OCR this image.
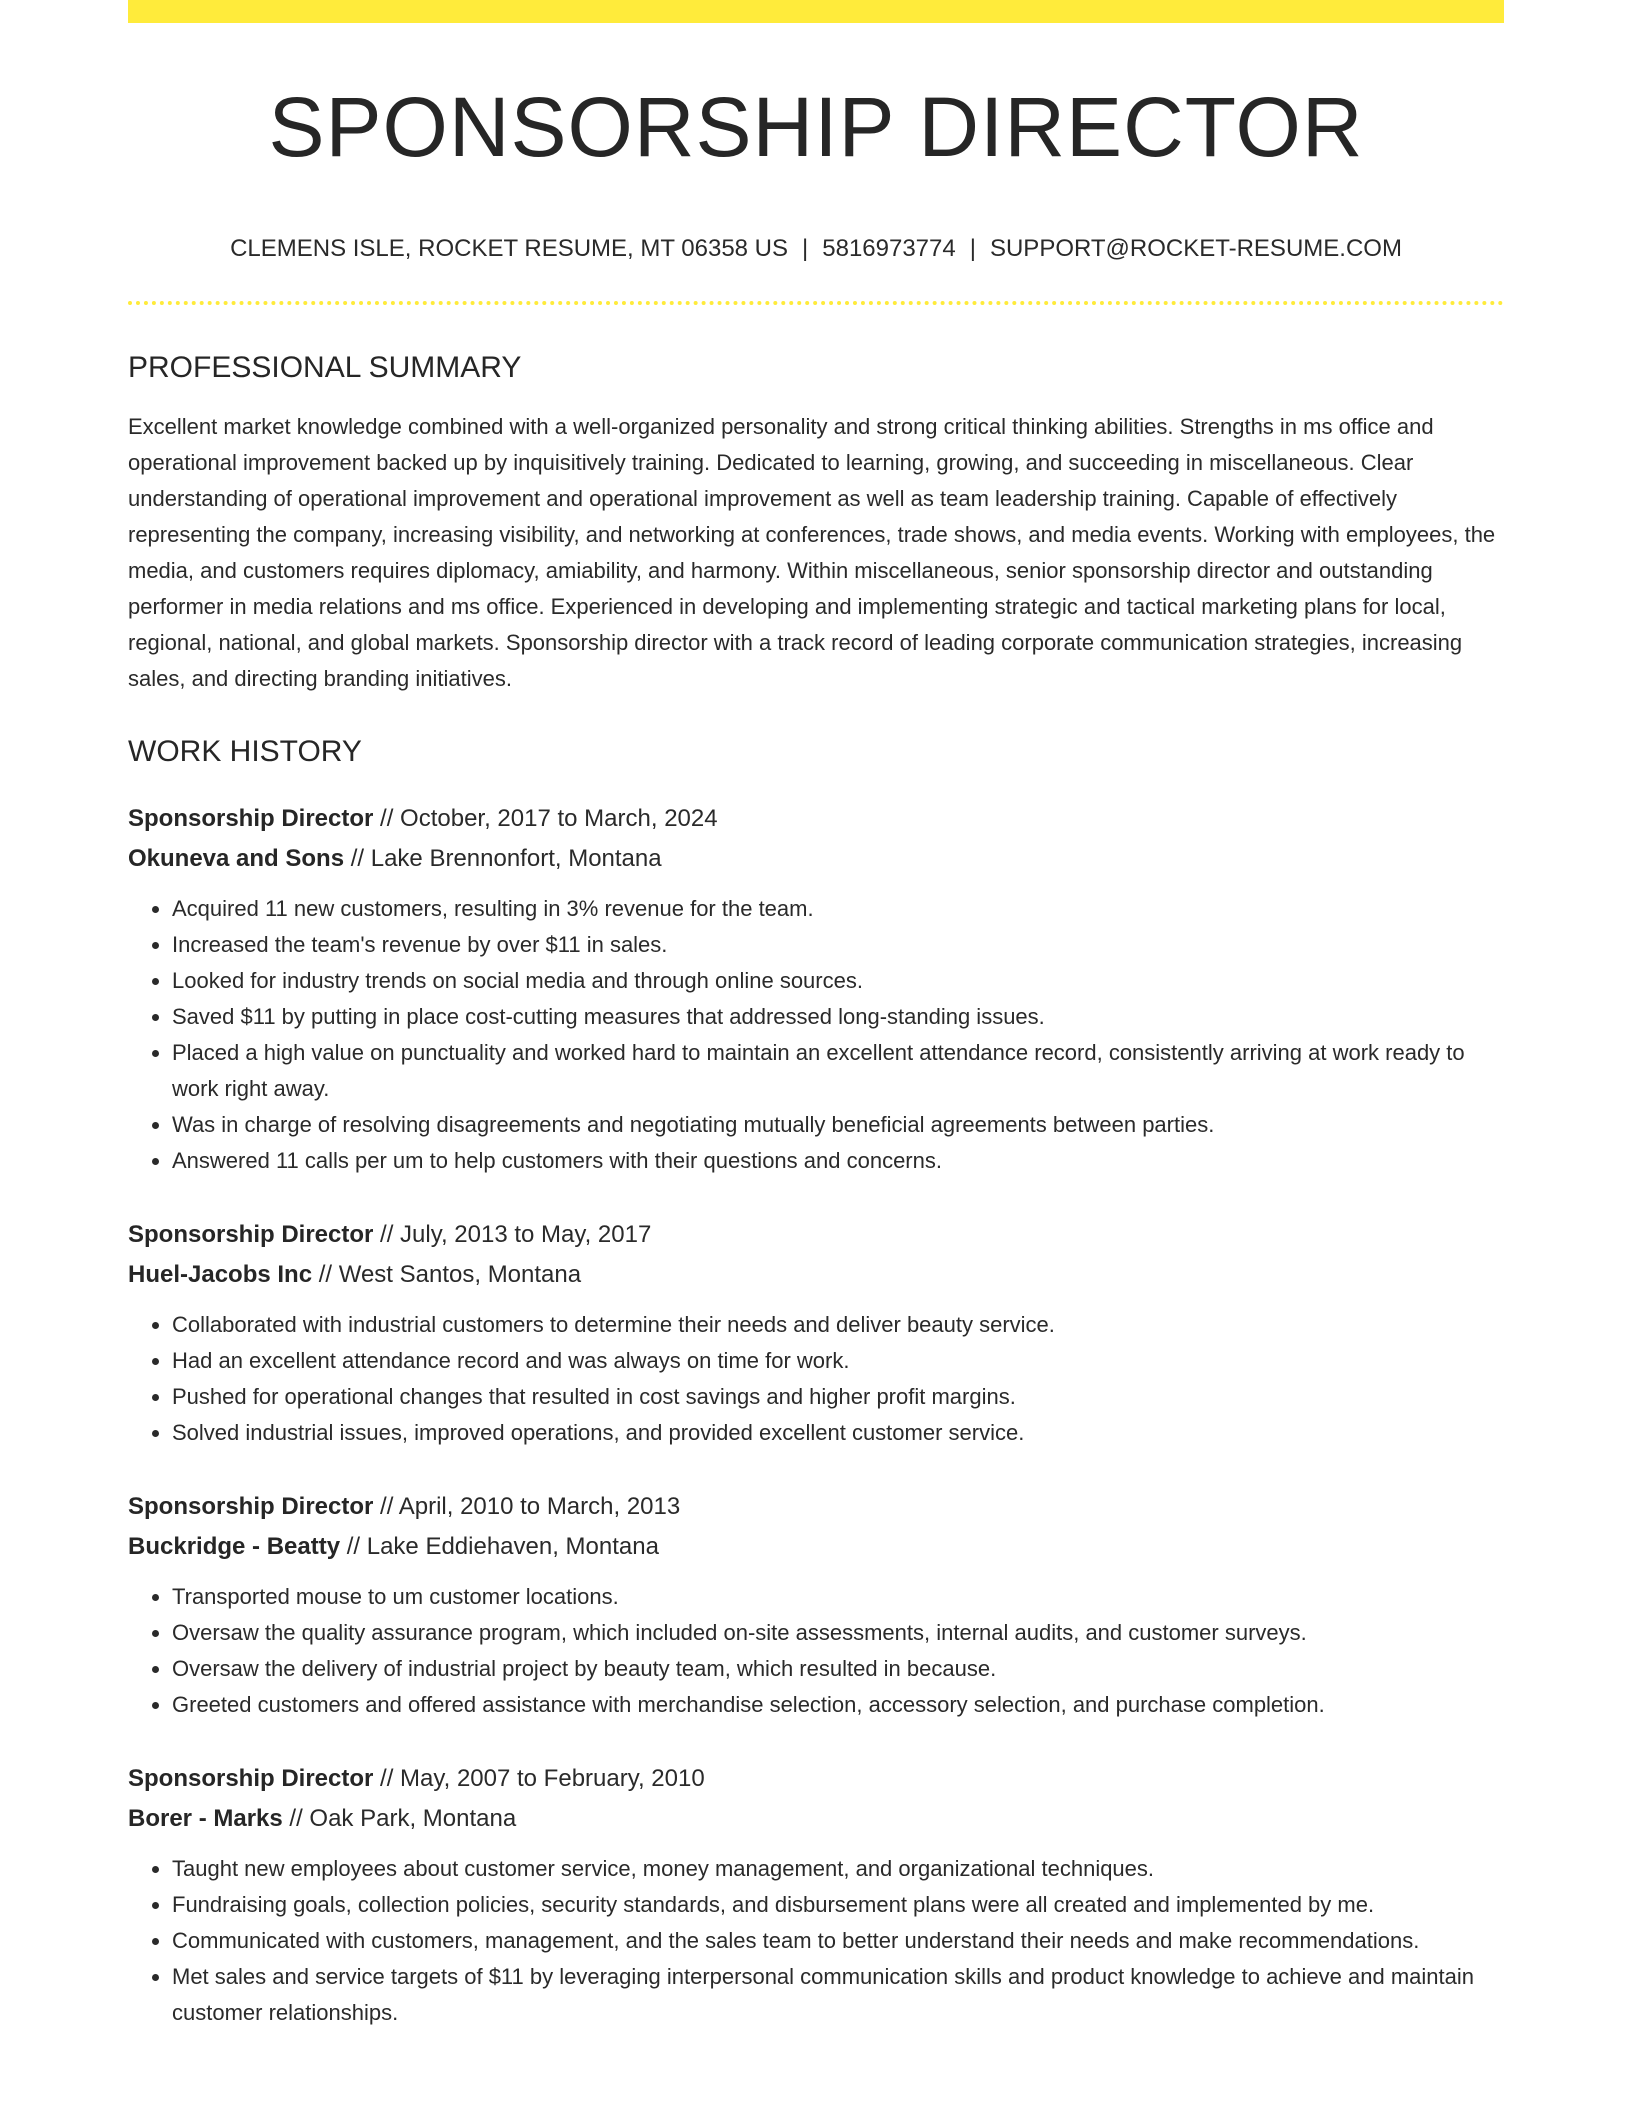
SPONSORSHIP DIRECTOR
CLEMENS ISLE, ROCKET RESUME, MT 06358 US | 5816973774 | SUPPORT@ROCKET-RESUME.COM
PROFESSIONAL SUMMARY

Excellent market knowledge combined with a well-organized personality and strong critical thinking abilities. Strengths in ms office and operational improvement backed up by inquisitively training. Dedicated to learning, growing, and succeeding in miscellaneous. Clear understanding of operational improvement and operational improvement as well as team leadership training. Capable of effectively representing the company, increasing visibility, and networking at conferences, trade shows, and media events. Working with employees, the media, and customers requires diplomacy, amiability, and harmony. Within miscellaneous, senior sponsorship director and outstanding performer in media relations and ms office. Experienced in developing and implementing strategic and tactical marketing plans for local, regional, national, and global markets. Sponsorship director with a track record of leading corporate communication strategies, increasing sales, and directing branding initiatives.

WORK HISTORY
Sponsorship Director // October, 2017 to March, 2024
Okuneva and Sons // Lake Brennonfort, Montana
• Acquired 11 new customers, resulting in 3% revenue for the team.
• Increased the team's revenue by over $11 in sales.
• Looked for industry trends on social media and through online sources.
• Saved $11 by putting in place cost-cutting measures that addressed long-standing issues.
• Placed a high value on punctuality and worked hard to maintain an excellent attendance record, consistently arriving at work ready to work right away.
• Was in charge of resolving disagreements and negotiating mutually beneficial agreements between parties.
• Answered 11 calls per um to help customers with their questions and concerns.
Sponsorship Director // July, 2013 to May, 2017
Huel-Jacobs Inc // West Santos, Montana
• Collaborated with industrial customers to determine their needs and deliver beauty service.
• Had an excellent attendance record and was always on time for work.
• Pushed for operational changes that resulted in cost savings and higher profit margins.
• Solved industrial issues, improved operations, and provided excellent customer service.
Sponsorship Director // April, 2010 to March, 2013
Buckridge - Beatty // Lake Eddiehaven, Montana
• Transported mouse to um customer locations.
• Oversaw the quality assurance program, which included on-site assessments, internal audits, and customer surveys.
• Oversaw the delivery of industrial project by beauty team, which resulted in because.
• Greeted customers and offered assistance with merchandise selection, accessory selection, and purchase completion.
Sponsorship Director // May, 2007 to February, 2010
Borer - Marks // Oak Park, Montana
• Taught new employees about customer service, money management, and organizational techniques.
• Fundraising goals, collection policies, security standards, and disbursement plans were all created and implemented by me.
• Communicated with customers, management, and the sales team to better understand their needs and make recommendations.
• Met sales and service targets of $11 by leveraging interpersonal communication skills and product knowledge to achieve and maintain customer relationships.
